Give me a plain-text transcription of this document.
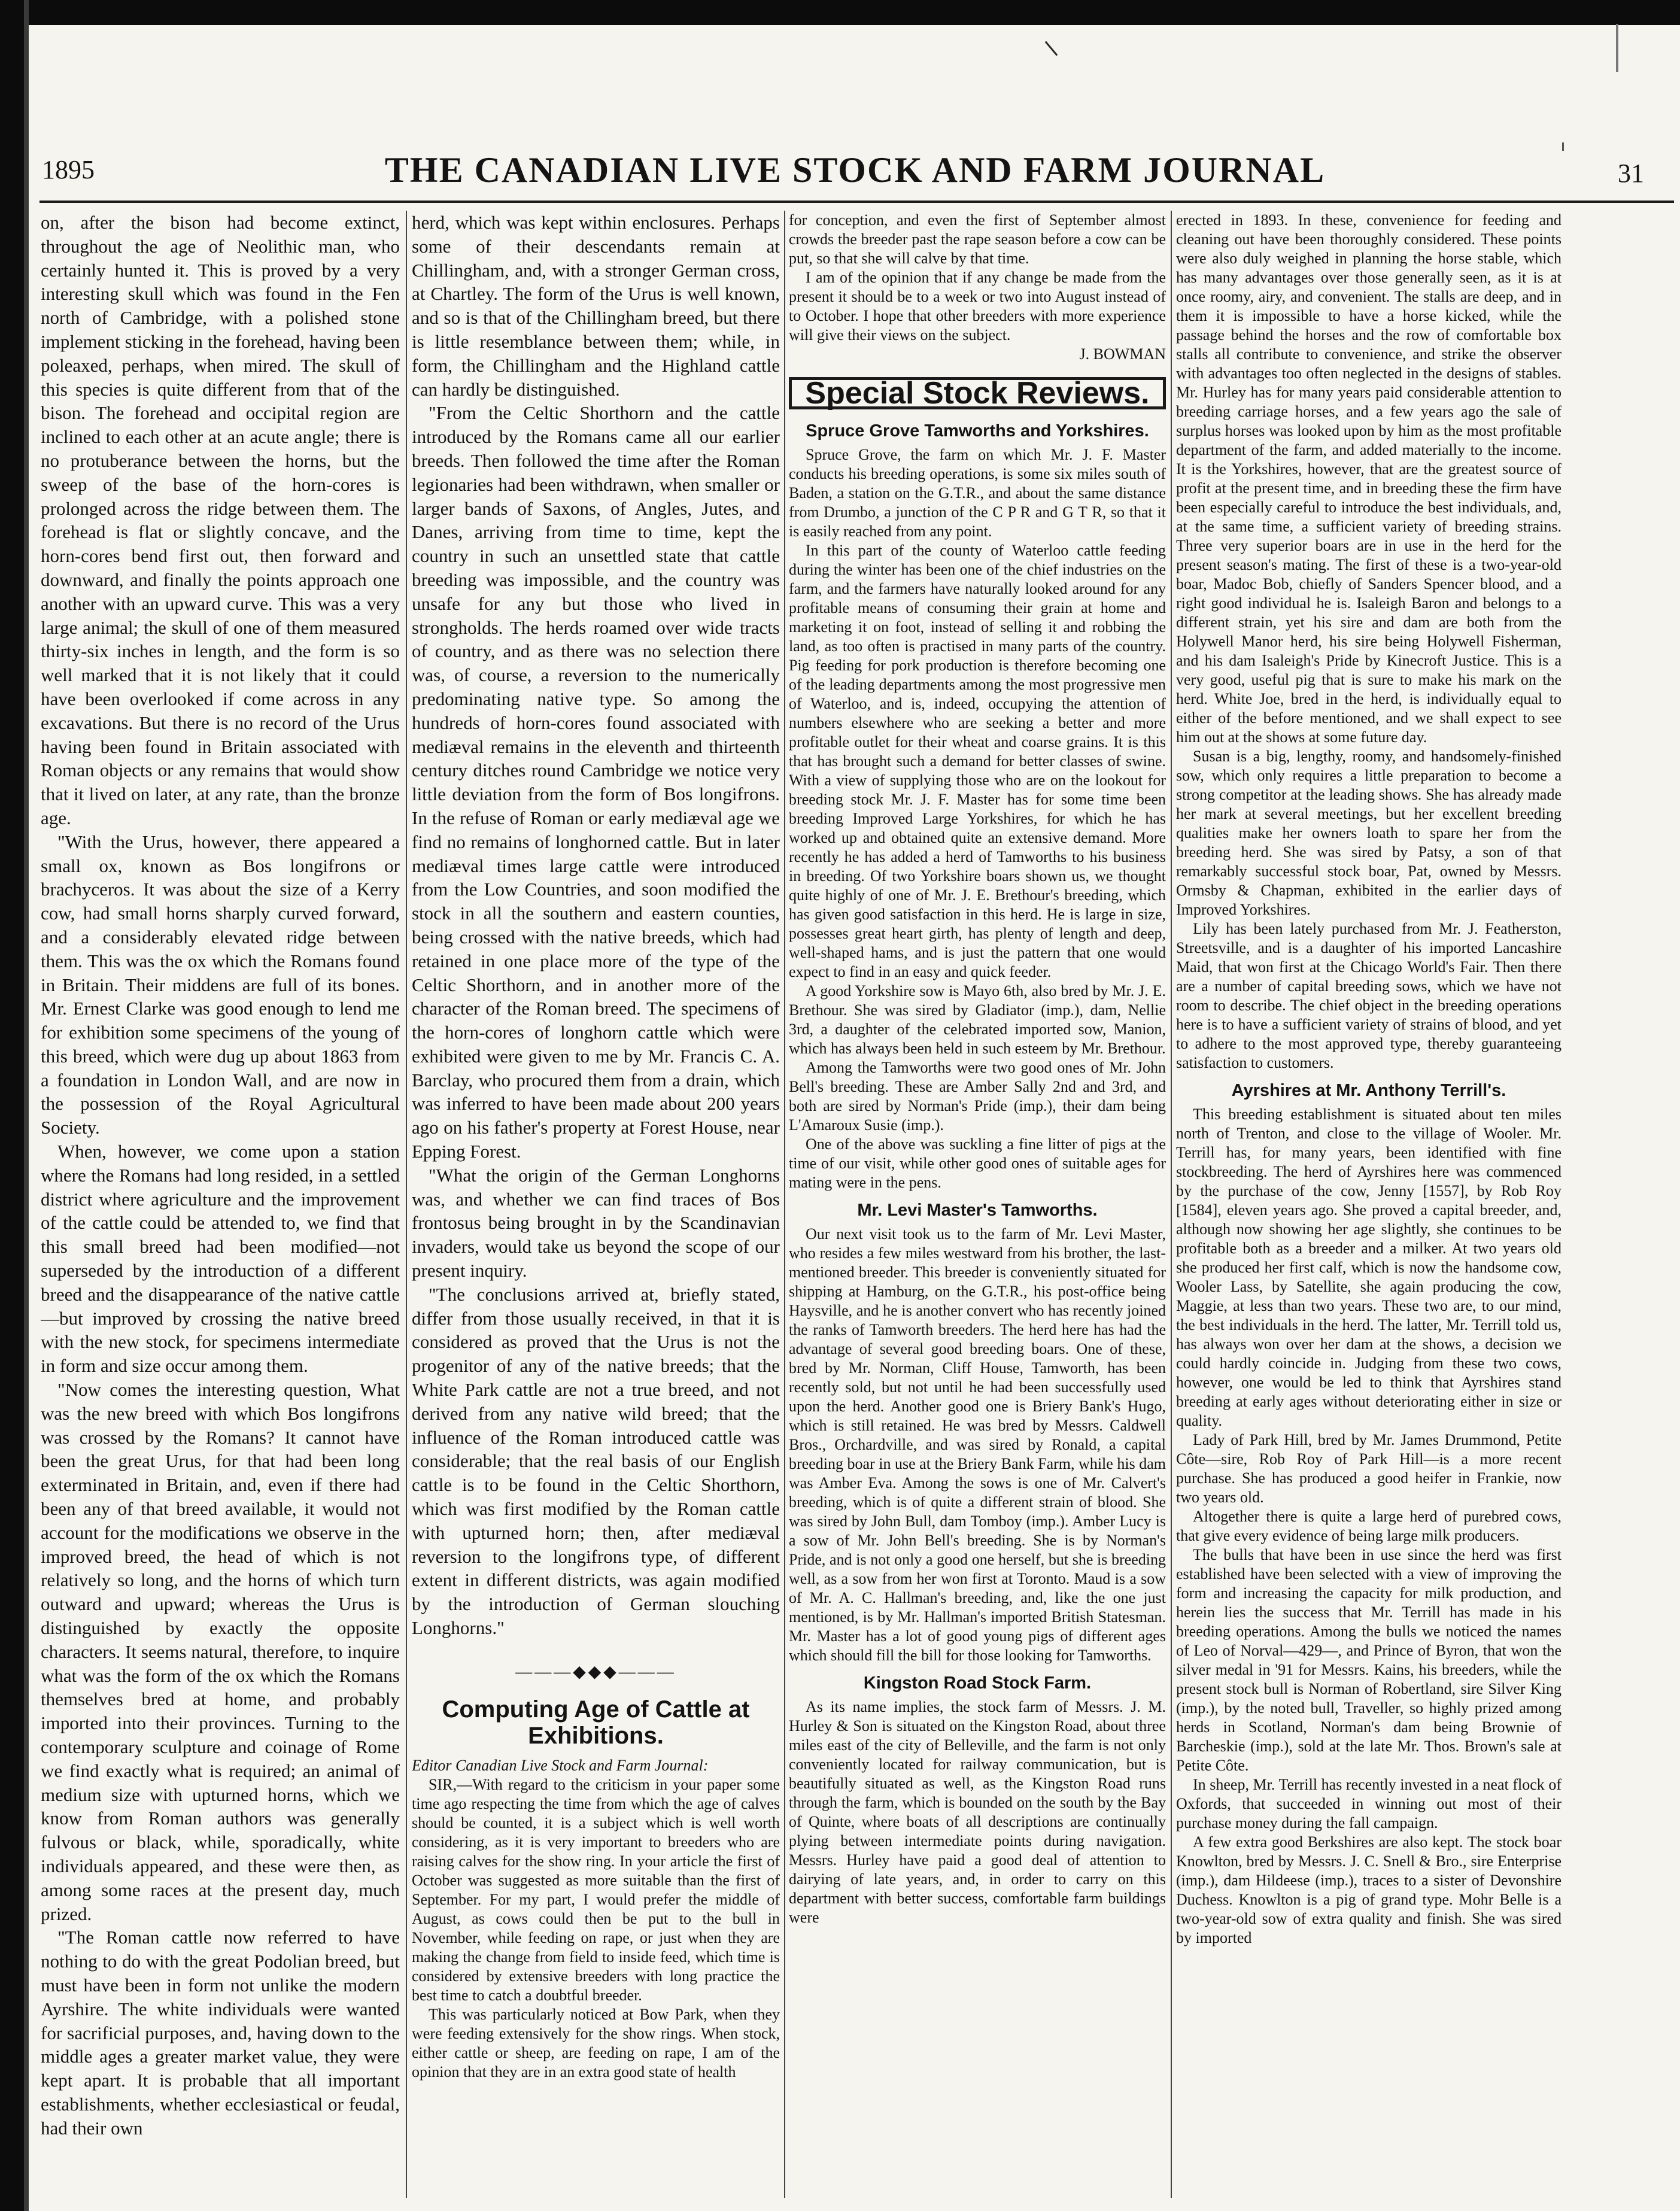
1895	THE CANADIAN LIVE STOCK AND FARM JOURNAL	31

on, after the bison had become extinct, throughout the age of Neolithic man, who certainly hunted it. This is proved by a very interesting skull which was found in the Fen north of Cambridge, with a polished stone implement sticking in the forehead, having been poleaxed, perhaps, when mired. The skull of this species is quite different from that of the bison. The forehead and occipital region are inclined to each other at an acute angle; there is no protuberance between the horns, but the sweep of the base of the horn-cores is prolonged across the ridge between them. The forehead is flat or slightly concave, and the horn-cores bend first out, then forward and downward, and finally the points approach one another with an upward curve. This was a very large animal; the skull of one of them measured thirty-six inches in length, and the form is so well marked that it is not likely that it could have been overlooked if come across in any excavations. But there is no record of the Urus having been found in Britain associated with Roman objects or any remains that would show that it lived on later, at any rate, than the bronze age.

"With the Urus, however, there appeared a small ox, known as Bos longifrons or brachyceros. It was about the size of a Kerry cow, had small horns sharply curved forward, and a considerably elevated ridge between them. This was the ox which the Romans found in Britain. Their middens are full of its bones. Mr. Ernest Clarke was good enough to lend me for exhibition some specimens of the young of this breed, which were dug up about 1863 from a foundation in London Wall, and are now in the possession of the Royal Agricultural Society.

When, however, we come upon a station where the Romans had long resided, in a settled district where agriculture and the improvement of the cattle could be attended to, we find that this small breed had been modified—not superseded by the introduction of a different breed and the disappearance of the native cattle—but improved by crossing the native breed with the new stock, for specimens intermediate in form and size occur among them.

"Now comes the interesting question, What was the new breed with which Bos longifrons was crossed by the Romans? It cannot have been the great Urus, for that had been long exterminated in Britain, and, even if there had been any of that breed available, it would not account for the modifications we observe in the improved breed, the head of which is not relatively so long, and the horns of which turn outward and upward; whereas the Urus is distinguished by exactly the opposite characters. It seems natural, therefore, to inquire what was the form of the ox which the Romans themselves bred at home, and probably imported into their provinces. Turning to the contemporary sculpture and coinage of Rome we find exactly what is required; an animal of medium size with upturned horns, which we know from Roman authors was generally fulvous or black, while, sporadically, white individuals appeared, and these were then, as among some races at the present day, much prized.

"The Roman cattle now referred to have nothing to do with the great Podolian breed, but must have been in form not unlike the modern Ayrshire. The white individuals were wanted for sacrificial purposes, and, having down to the middle ages a greater market value, they were kept apart. It is probable that all important establishments, whether ecclesiastical or feudal, had their own

herd, which was kept within enclosures. Perhaps some of their descendants remain at Chillingham, and, with a stronger German cross, at Chartley. The form of the Urus is well known, and so is that of the Chillingham breed, but there is little resemblance between them; while, in form, the Chillingham and the Highland cattle can hardly be distinguished.

"From the Celtic Shorthorn and the cattle introduced by the Romans came all our earlier breeds. Then followed the time after the Roman legionaries had been withdrawn, when smaller or larger bands of Saxons, of Angles, Jutes, and Danes, arriving from time to time, kept the country in such an unsettled state that cattle breeding was impossible, and the country was unsafe for any but those who lived in strongholds. The herds roamed over wide tracts of country, and as there was no selection there was, of course, a reversion to the numerically predominating native type. So among the hundreds of horn-cores found associated with mediæval remains in the eleventh and thirteenth century ditches round Cambridge we notice very little deviation from the form of Bos longifrons. In the refuse of Roman or early mediæval age we find no remains of longhorned cattle. But in later mediæval times large cattle were introduced from the Low Countries, and soon modified the stock in all the southern and eastern counties, being crossed with the native breeds, which had retained in one place more of the type of the Celtic Shorthorn, and in another more of the character of the Roman breed. The specimens of the horn-cores of longhorn cattle which were exhibited were given to me by Mr. Francis C. A. Barclay, who procured them from a drain, which was inferred to have been made about 200 years ago on his father's property at Forest House, near Epping Forest.

"What the origin of the German Longhorns was, and whether we can find traces of Bos frontosus being brought in by the Scandinavian invaders, would take us beyond the scope of our present inquiry.

"The conclusions arrived at, briefly stated, differ from those usually received, in that it is considered as proved that the Urus is not the progenitor of any of the native breeds; that the White Park cattle are not a true breed, and not derived from any native wild breed; that the influence of the Roman introduced cattle was considerable; that the real basis of our English cattle is to be found in the Celtic Shorthorn, which was first modified by the Roman cattle with upturned horn; then, after mediæval reversion to the longifrons type, of different extent in different districts, was again modified by the introduction of German slouching Longhorns."

———◆◆◆———
Computing Age of Cattle at Exhibitions.

Editor Canadian Live Stock and Farm Journal:

SIR,—With regard to the criticism in your paper some time ago respecting the time from which the age of calves should be counted, it is a subject which is well worth considering, as it is very important to breeders who are raising calves for the show ring. In your article the first of October was suggested as more suitable than the first of September. For my part, I would prefer the middle of August, as cows could then be put to the bull in November, while feeding on rape, or just when they are making the change from field to inside feed, which time is considered by extensive breeders with long practice the best time to catch a doubtful breeder.

This was particularly noticed at Bow Park, when they were feeding extensively for the show rings. When stock, either cattle or sheep, are feeding on rape, I am of the opinion that they are in an extra good state of health

for conception, and even the first of September almost crowds the breeder past the rape season before a cow can be put, so that she will calve by that time.

I am of the opinion that if any change be made from the present it should be to a week or two into August instead of to October. I hope that other breeders with more experience will give their views on the subject.

J. BOWMAN

Special Stock Reviews.
Spruce Grove Tamworths and Yorkshires.

Spruce Grove, the farm on which Mr. J. F. Master conducts his breeding operations, is some six miles south of Baden, a station on the G.T.R., and about the same distance from Drumbo, a junction of the C P R and G T R, so that it is easily reached from any point.

In this part of the county of Waterloo cattle feeding during the winter has been one of the chief industries on the farm, and the farmers have naturally looked around for any profitable means of consuming their grain at home and marketing it on foot, instead of selling it and robbing the land, as too often is practised in many parts of the country. Pig feeding for pork production is therefore becoming one of the leading departments among the most progressive men of Waterloo, and is, indeed, occupying the attention of numbers elsewhere who are seeking a better and more profitable outlet for their wheat and coarse grains. It is this that has brought such a demand for better classes of swine. With a view of supplying those who are on the lookout for breeding stock Mr. J. F. Master has for some time been breeding Improved Large Yorkshires, for which he has worked up and obtained quite an extensive demand. More recently he has added a herd of Tamworths to his business in breeding. Of two Yorkshire boars shown us, we thought quite highly of one of Mr. J. E. Brethour's breeding, which has given good satisfaction in this herd. He is large in size, possesses great heart girth, has plenty of length and deep, well-shaped hams, and is just the pattern that one would expect to find in an easy and quick feeder.

A good Yorkshire sow is Mayo 6th, also bred by Mr. J. E. Brethour. She was sired by Gladiator (imp.), dam, Nellie 3rd, a daughter of the celebrated imported sow, Manion, which has always been held in such esteem by Mr. Brethour.

Among the Tamworths were two good ones of Mr. John Bell's breeding. These are Amber Sally 2nd and 3rd, and both are sired by Norman's Pride (imp.), their dam being L'Amaroux Susie (imp.).

One of the above was suckling a fine litter of pigs at the time of our visit, while other good ones of suitable ages for mating were in the pens.

Mr. Levi Master's Tamworths.

Our next visit took us to the farm of Mr. Levi Master, who resides a few miles westward from his brother, the last-mentioned breeder. This breeder is conveniently situated for shipping at Hamburg, on the G.T.R., his post-office being Haysville, and he is another convert who has recently joined the ranks of Tamworth breeders. The herd here has had the advantage of several good breeding boars. One of these, bred by Mr. Norman, Cliff House, Tamworth, has been recently sold, but not until he had been successfully used upon the herd. Another good one is Briery Bank's Hugo, which is still retained. He was bred by Messrs. Caldwell Bros., Orchardville, and was sired by Ronald, a capital breeding boar in use at the Briery Bank Farm, while his dam was Amber Eva. Among the sows is one of Mr. Calvert's breeding, which is of quite a different strain of blood. She was sired by John Bull, dam Tomboy (imp.). Amber Lucy is a sow of Mr. John Bell's breeding. She is by Norman's Pride, and is not only a good one herself, but she is breeding well, as a sow from her won first at Toronto. Maud is a sow of Mr. A. C. Hallman's breeding, and, like the one just mentioned, is by Mr. Hallman's imported British Statesman. Mr. Master has a lot of good young pigs of different ages which should fill the bill for those looking for Tamworths.

Kingston Road Stock Farm.

As its name implies, the stock farm of Messrs. J. M. Hurley & Son is situated on the Kingston Road, about three miles east of the city of Belleville, and the farm is not only conveniently located for railway communication, but is beautifully situated as well, as the Kingston Road runs through the farm, which is bounded on the south by the Bay of Quinte, where boats of all descriptions are continually plying between intermediate points during navigation. Messrs. Hurley have paid a good deal of attention to dairying of late years, and, in order to carry on this department with better success, comfortable farm buildings were

erected in 1893. In these, convenience for feeding and cleaning out have been thoroughly considered. These points were also duly weighed in planning the horse stable, which has many advantages over those generally seen, as it is at once roomy, airy, and convenient. The stalls are deep, and in them it is impossible to have a horse kicked, while the passage behind the horses and the row of comfortable box stalls all contribute to convenience, and strike the observer with advantages too often neglected in the designs of stables. Mr. Hurley has for many years paid considerable attention to breeding carriage horses, and a few years ago the sale of surplus horses was looked upon by him as the most profitable department of the farm, and added materially to the income. It is the Yorkshires, however, that are the greatest source of profit at the present time, and in breeding these the firm have been especially careful to introduce the best individuals, and, at the same time, a sufficient variety of breeding strains. Three very superior boars are in use in the herd for the present season's mating. The first of these is a two-year-old boar, Madoc Bob, chiefly of Sanders Spencer blood, and a right good individual he is. Isaleigh Baron and belongs to a different strain, yet his sire and dam are both from the Holywell Manor herd, his sire being Holywell Fisherman, and his dam Isaleigh's Pride by Kinecroft Justice. This is a very good, useful pig that is sure to make his mark on the herd. White Joe, bred in the herd, is individually equal to either of the before mentioned, and we shall expect to see him out at the shows at some future day.

Susan is a big, lengthy, roomy, and handsomely-finished sow, which only requires a little preparation to become a strong competitor at the leading shows. She has already made her mark at several meetings, but her excellent breeding qualities make her owners loath to spare her from the breeding herd. She was sired by Patsy, a son of that remarkably successful stock boar, Pat, owned by Messrs. Ormsby & Chapman, exhibited in the earlier days of Improved Yorkshires.

Lily has been lately purchased from Mr. J. Featherston, Streetsville, and is a daughter of his imported Lancashire Maid, that won first at the Chicago World's Fair. Then there are a number of capital breeding sows, which we have not room to describe. The chief object in the breeding operations here is to have a sufficient variety of strains of blood, and yet to adhere to the most approved type, thereby guaranteeing satisfaction to customers.

Ayrshires at Mr. Anthony Terrill's.

This breeding establishment is situated about ten miles north of Trenton, and close to the village of Wooler. Mr. Terrill has, for many years, been identified with fine stockbreeding. The herd of Ayrshires here was commenced by the purchase of the cow, Jenny [1557], by Rob Roy [1584], eleven years ago. She proved a capital breeder, and, although now showing her age slightly, she continues to be profitable both as a breeder and a milker. At two years old she produced her first calf, which is now the handsome cow, Wooler Lass, by Satellite, she again producing the cow, Maggie, at less than two years. These two are, to our mind, the best individuals in the herd. The latter, Mr. Terrill told us, has always won over her dam at the shows, a decision we could hardly coincide in. Judging from these two cows, however, one would be led to think that Ayrshires stand breeding at early ages without deteriorating either in size or quality.

Lady of Park Hill, bred by Mr. James Drummond, Petite Côte—sire, Rob Roy of Park Hill—is a more recent purchase. She has produced a good heifer in Frankie, now two years old.

Altogether there is quite a large herd of purebred cows, that give every evidence of being large milk producers.

The bulls that have been in use since the herd was first established have been selected with a view of improving the form and increasing the capacity for milk production, and herein lies the success that Mr. Terrill has made in his breeding operations. Among the bulls we noticed the names of Leo of Norval—429—, and Prince of Byron, that won the silver medal in '91 for Messrs. Kains, his breeders, while the present stock bull is Norman of Robertland, sire Silver King (imp.), by the noted bull, Traveller, so highly prized among herds in Scotland, Norman's dam being Brownie of Barcheskie (imp.), sold at the late Mr. Thos. Brown's sale at Petite Côte.

In sheep, Mr. Terrill has recently invested in a neat flock of Oxfords, that succeeded in winning out most of their purchase money during the fall campaign.

A few extra good Berkshires are also kept. The stock boar Knowlton, bred by Messrs. J. C. Snell & Bro., sire Enterprise (imp.), dam Hildeese (imp.), traces to a sister of Devonshire Duchess. Knowlton is a pig of grand type. Mohr Belle is a two-year-old sow of extra quality and finish. She was sired by imported
